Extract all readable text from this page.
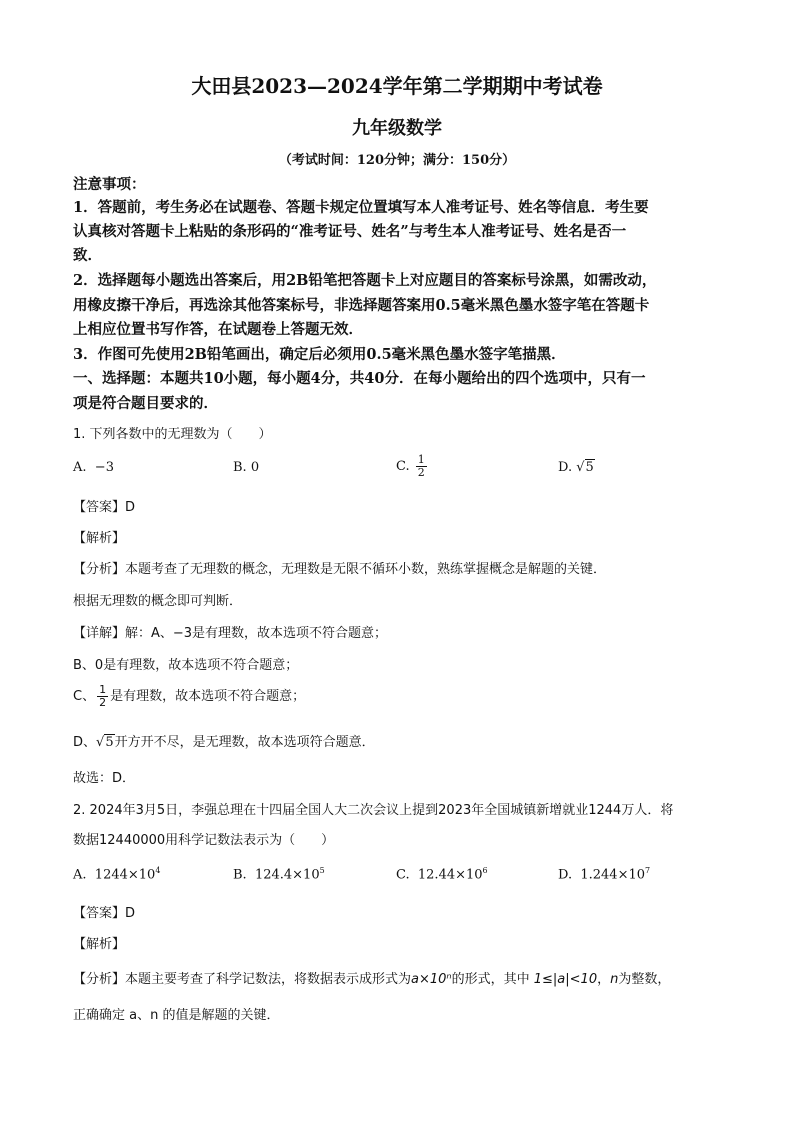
大田县2023—2024学年第二学期期中考试卷
九年级数学
（考试时间：120分钟；满分：150分）
注意事项：
1．答题前，考生务必在试题卷、答题卡规定位置填写本人准考证号、姓名等信息．考生要
认真核对答题卡上粘贴的条形码的“准考证号、姓名”与考生本人准考证号、姓名是否一
致．
2．选择题每小题选出答案后，用2B铅笔把答题卡上对应题目的答案标号涂黑，如需改动，
用橡皮擦干净后，再选涂其他答案标号，非选择题答案用0.5毫米黑色墨水签字笔在答题卡
上相应位置书写作答，在试题卷上答题无效．
3．作图可先使用2B铅笔画出，确定后必须用0.5毫米黑色墨水签字笔描黑．
一、选择题：本题共10小题，每小题4分，共40分．在每小题给出的四个选项中，只有一
项是符合题目要求的．
1. 下列各数中的无理数为（　　）
A. −3	B. 0	C. $\frac{1}{2}$	D. √5
【答案】D
【解析】
【分析】本题考查了无理数的概念，无理数是无限不循环小数，熟练掌握概念是解题的关键．
根据无理数的概念即可判断．
【详解】解：A、−3是有理数，故本选项不符合题意；
B、0是有理数，故本选项不符合题意；
C、 $\frac{1}{2}$ 是有理数，故本选项不符合题意；
D、√5开方开不尽，是无理数，故本选项符合题意．
故选：D．
2. 2024年3月5日，李强总理在十四届全国人大二次会议上提到2023年全国城镇新增就业1244万人．将
数据12440000用科学记数法表示为（　　）
A. $1244\times 10^4$	B. $124.4\times 10^5$	C. $12.44\times 10^6$	D. $1.244\times 10^7$
【答案】D
【解析】
【分析】本题主要考查了科学记数法，将数据表示成形式为a×10ⁿ的形式，其中 1≤|a|<10，n为整数，
正确确定 a、n 的值是解题的关键．
